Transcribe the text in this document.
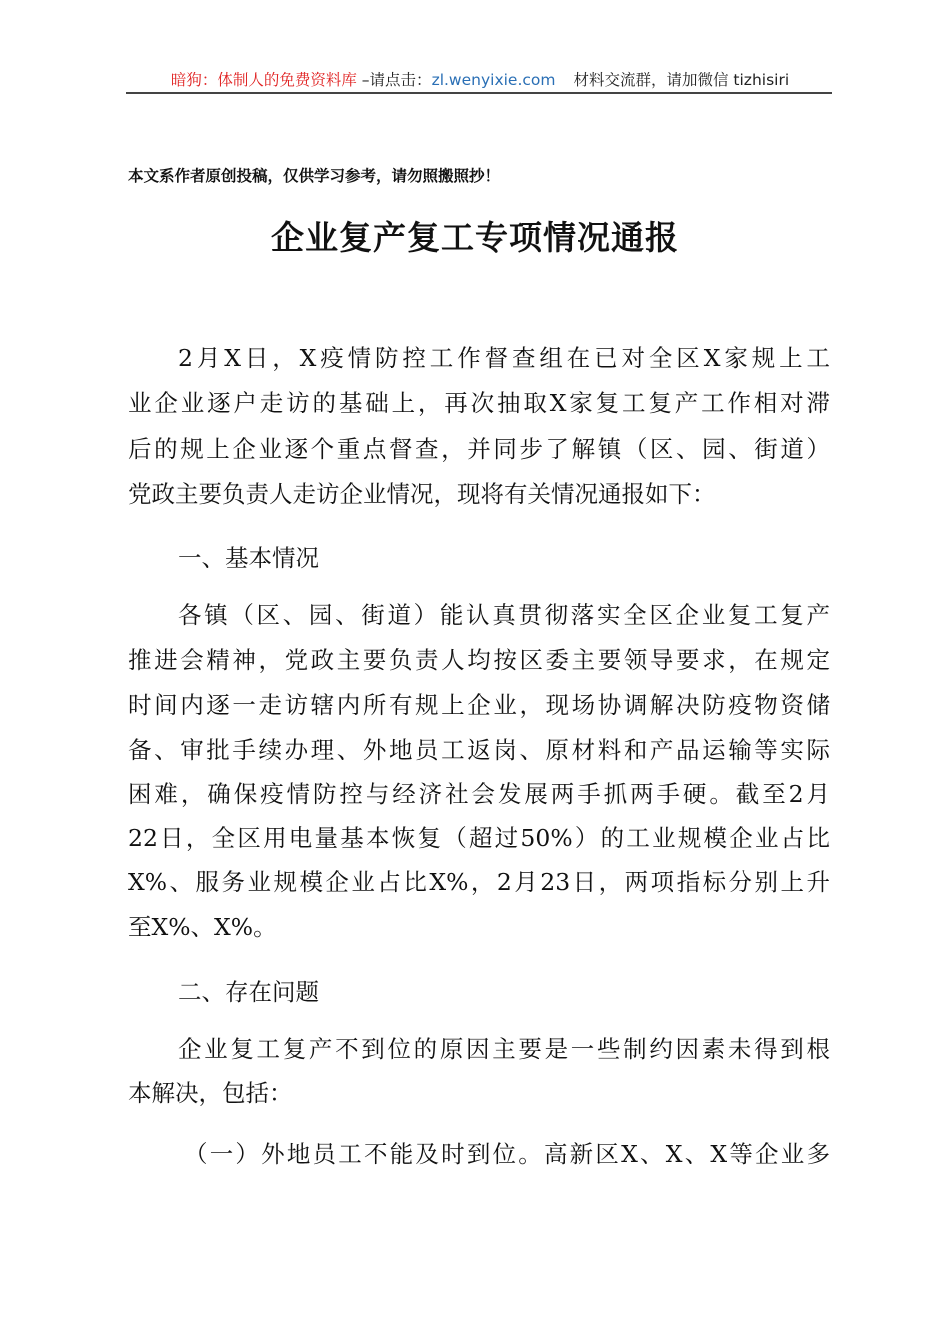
暗狗：体制人的免费资料库 –请点击：zl.wenyixie.com 材料交流群，请加微信 tizhisiri
本文系作者原创投稿，仅供学习参考，请勿照搬照抄！
企业复产复工专项情况通报
2月X日，X疫情防控工作督查组在已对全区X家规上工
业企业逐户走访的基础上，再次抽取X家复工复产工作相对滞
后的规上企业逐个重点督查，并同步了解镇（区、园、街道）
党政主要负责人走访企业情况，现将有关情况通报如下：
一、基本情况
各镇（区、园、街道）能认真贯彻落实全区企业复工复产
推进会精神，党政主要负责人均按区委主要领导要求，在规定
时间内逐一走访辖内所有规上企业，现场协调解决防疫物资储
备、审批手续办理、外地员工返岗、原材料和产品运输等实际
困难，确保疫情防控与经济社会发展两手抓两手硬。截至2月
22日，全区用电量基本恢复（超过50%）的工业规模企业占比
X%、服务业规模企业占比X%，2月23日，两项指标分别上升
至X%、X%。
二、存在问题
企业复工复产不到位的原因主要是一些制约因素未得到根
本解决，包括：
（一）外地员工不能及时到位。高新区X、X、X等企业多
